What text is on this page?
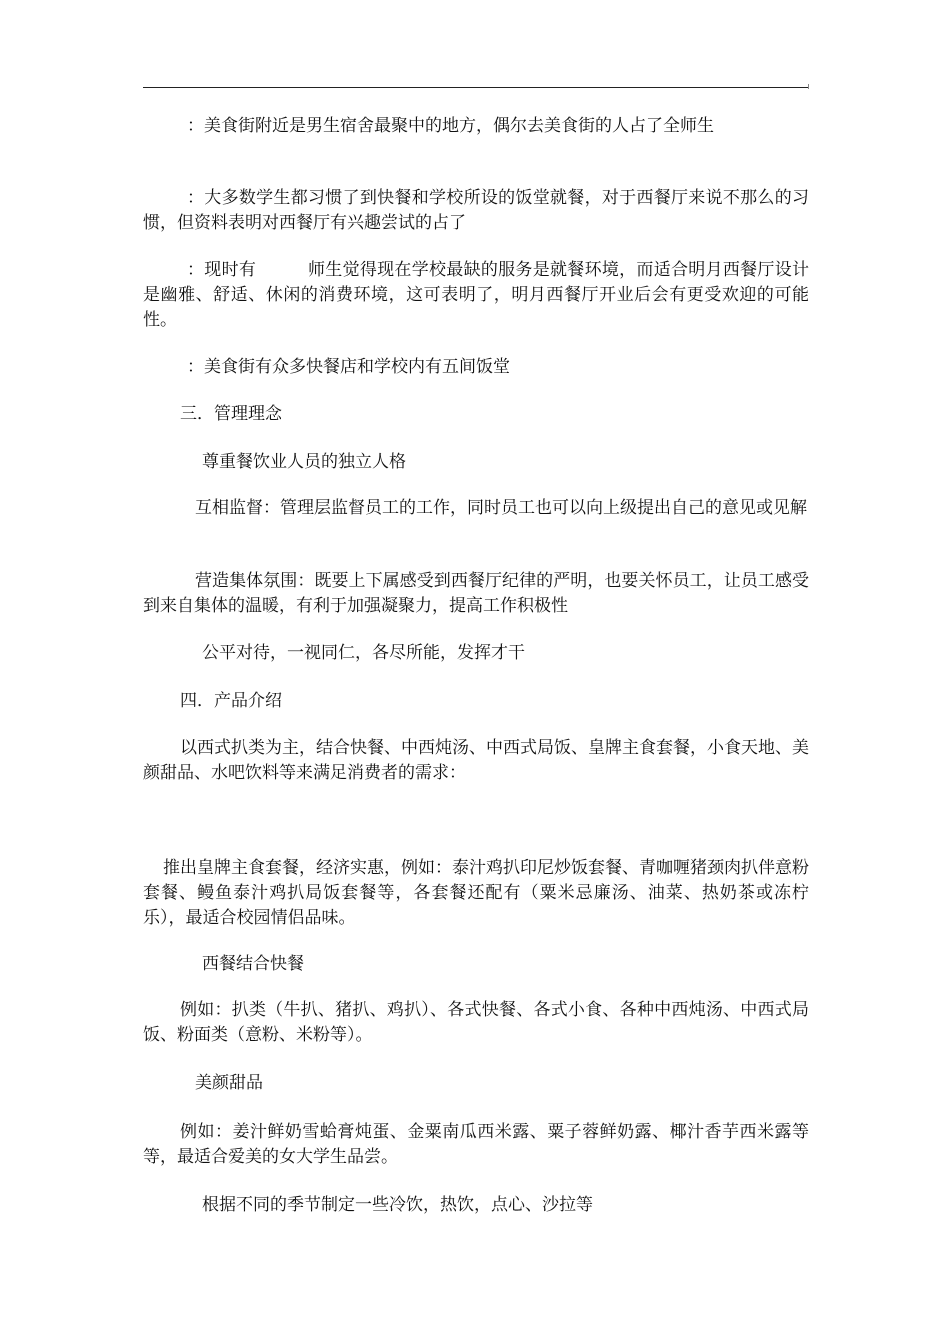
：美食街附近是男生宿舍最聚中的地方，偶尔去美食街的人占了全师生

：大多数学生都习惯了到快餐和学校所设的饭堂就餐，对于西餐厅来说不那么的习惯，但资料表明对西餐厅有兴趣尝试的占了

：现时有　　　师生觉得现在学校最缺的服务是就餐环境，而适合明月西餐厅设计是幽雅、舒适、休闲的消费环境，这可表明了，明月西餐厅开业后会有更受欢迎的可能性。

：美食街有众多快餐店和学校内有五间饭堂

三．管理理念

尊重餐饮业人员的独立人格

互相监督：管理层监督员工的工作，同时员工也可以向上级提出自己的意见或见解

营造集体氛围：既要上下属感受到西餐厅纪律的严明，也要关怀员工，让员工感受到来自集体的温暖，有利于加强凝聚力，提高工作积极性

公平对待，一视同仁，各尽所能，发挥才干

四．产品介绍

以西式扒类为主，结合快餐、中西炖汤、中西式局饭、皇牌主食套餐，小食天地、美颜甜品、水吧饮料等来满足消费者的需求：

推出皇牌主食套餐，经济实惠，例如：泰汁鸡扒印尼炒饭套餐、青咖喱猪颈肉扒伴意粉套餐、鳗鱼泰汁鸡扒局饭套餐等，各套餐还配有（粟米忌廉汤、油菜、热奶茶或冻柠乐），最适合校园情侣品味。

西餐结合快餐

例如：扒类（牛扒、猪扒、鸡扒）、各式快餐、各式小食、各种中西炖汤、中西式局饭、粉面类（意粉、米粉等）。

美颜甜品

例如：姜汁鲜奶雪蛤膏炖蛋、金粟南瓜西米露、粟子蓉鲜奶露、椰汁香芋西米露等等，最适合爱美的女大学生品尝。

根据不同的季节制定一些冷饮，热饮，点心、沙拉等
